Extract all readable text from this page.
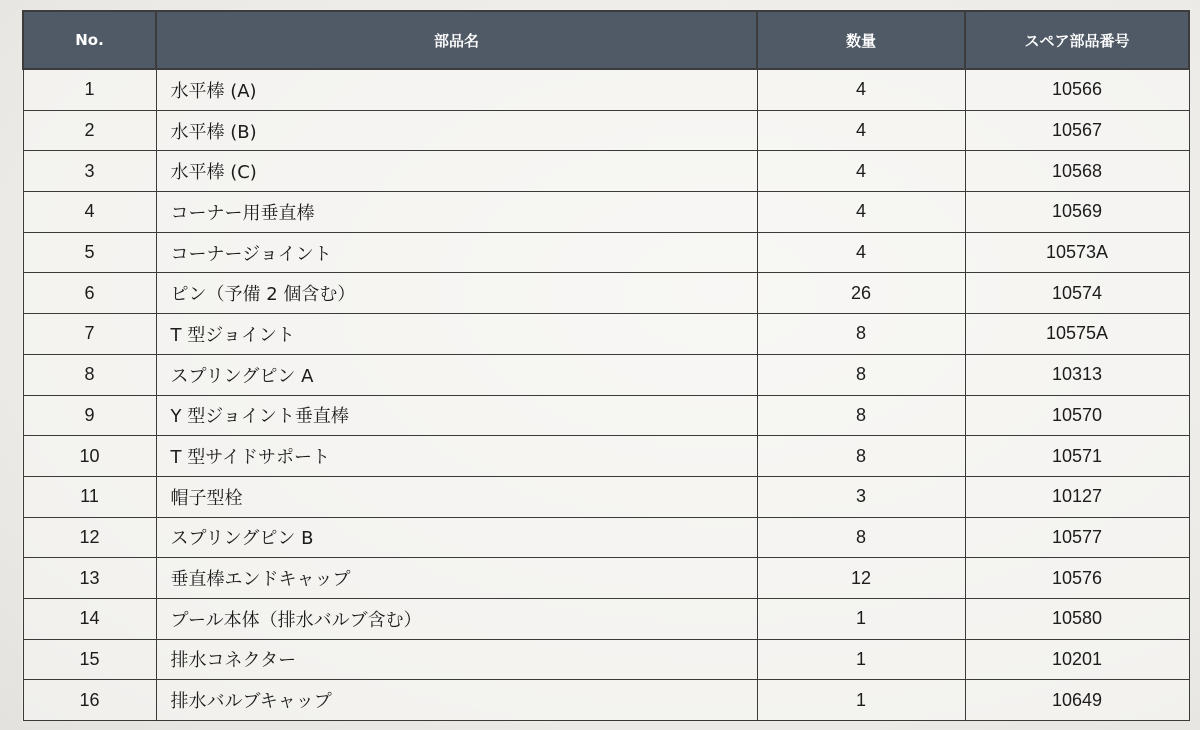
No.	部品名	数量	スペア部品番号
1	水平棒 (A)	4	10566
2	水平棒 (B)	4	10567
3	水平棒 (C)	4	10568
4	コーナー用垂直棒	4	10569
5	コーナージョイント	4	10573A
6	ピン（予備 2 個含む）	26	10574
7	T 型ジョイント	8	10575A
8	スプリングピン A	8	10313
9	Y 型ジョイント垂直棒	8	10570
10	T 型サイドサポート	8	10571
11	帽子型栓	3	10127
12	スプリングピン B	8	10577
13	垂直棒エンドキャップ	12	10576
14	プール本体（排水バルブ含む）	1	10580
15	排水コネクター	1	10201
16	排水バルブキャップ	1	10649
